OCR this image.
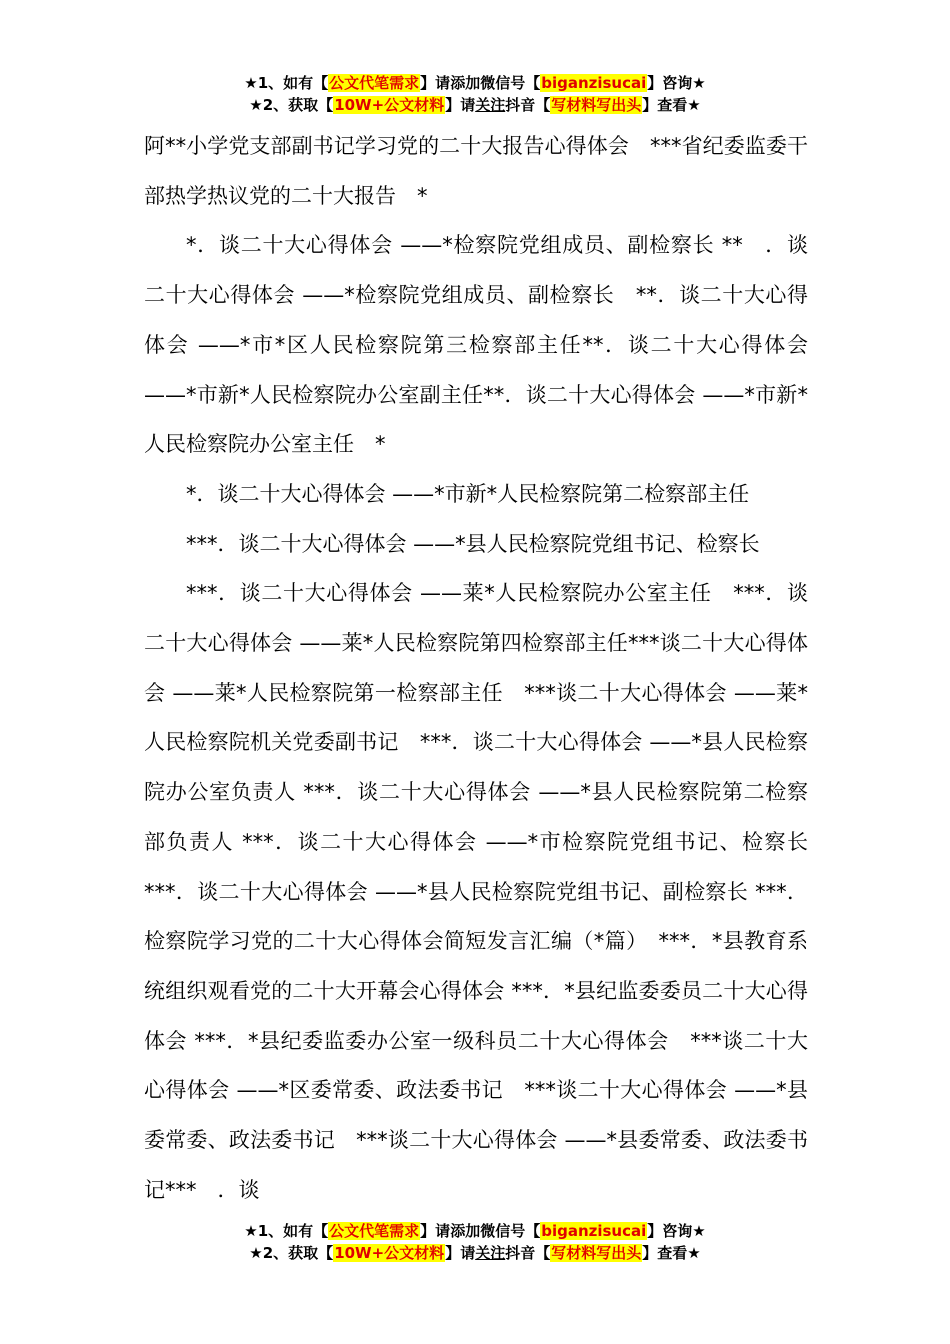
★1、如有【公文代笔需求】请添加微信号【biganzisucai】咨询★
★2、获取【10W+公文材料】请关注抖音【写材料写出头】查看★

阿**小学党支部副书记学习党的二十大报告心得体会　***省纪委监委干部热学热议党的二十大报告　*

*．谈二十大心得体会 ——*检察院党组成员、副检察长 **　．谈二十大心得体会 ——*检察院党组成员、副检察长　**．谈二十大心得体会 ——*市*区人民检察院第三检察部主任**．谈二十大心得体会 ——*市新*人民检察院办公室副主任**．谈二十大心得体会 ——*市新*人民检察院办公室主任　*

*．谈二十大心得体会 ——*市新*人民检察院第二检察部主任

***．谈二十大心得体会 ——*县人民检察院党组书记、检察长

***．谈二十大心得体会 ——莱*人民检察院办公室主任　***．谈二十大心得体会 ——莱*人民检察院第四检察部主任***谈二十大心得体会 ——莱*人民检察院第一检察部主任　***谈二十大心得体会 ——莱*人民检察院机关党委副书记　***．谈二十大心得体会 ——*县人民检察院办公室负责人 ***．谈二十大心得体会 ——*县人民检察院第二检察部负责人 ***．谈二十大心得体会 ——*市检察院党组书记、检察长 ***．谈二十大心得体会 ——*县人民检察院党组书记、副检察长 ***．检察院学习党的二十大心得体会简短发言汇编（*篇）　***．*县教育系统组织观看党的二十大开幕会心得体会 ***．*县纪监委委员二十大心得体会 ***．*县纪委监委办公室一级科员二十大心得体会　***谈二十大心得体会 ——*区委常委、政法委书记　***谈二十大心得体会 ——*县委常委、政法委书记　***谈二十大心得体会 ——*县委常委、政法委书记***　．谈

★1、如有【公文代笔需求】请添加微信号【biganzisucai】咨询★
★2、获取【10W+公文材料】请关注抖音【写材料写出头】查看★
